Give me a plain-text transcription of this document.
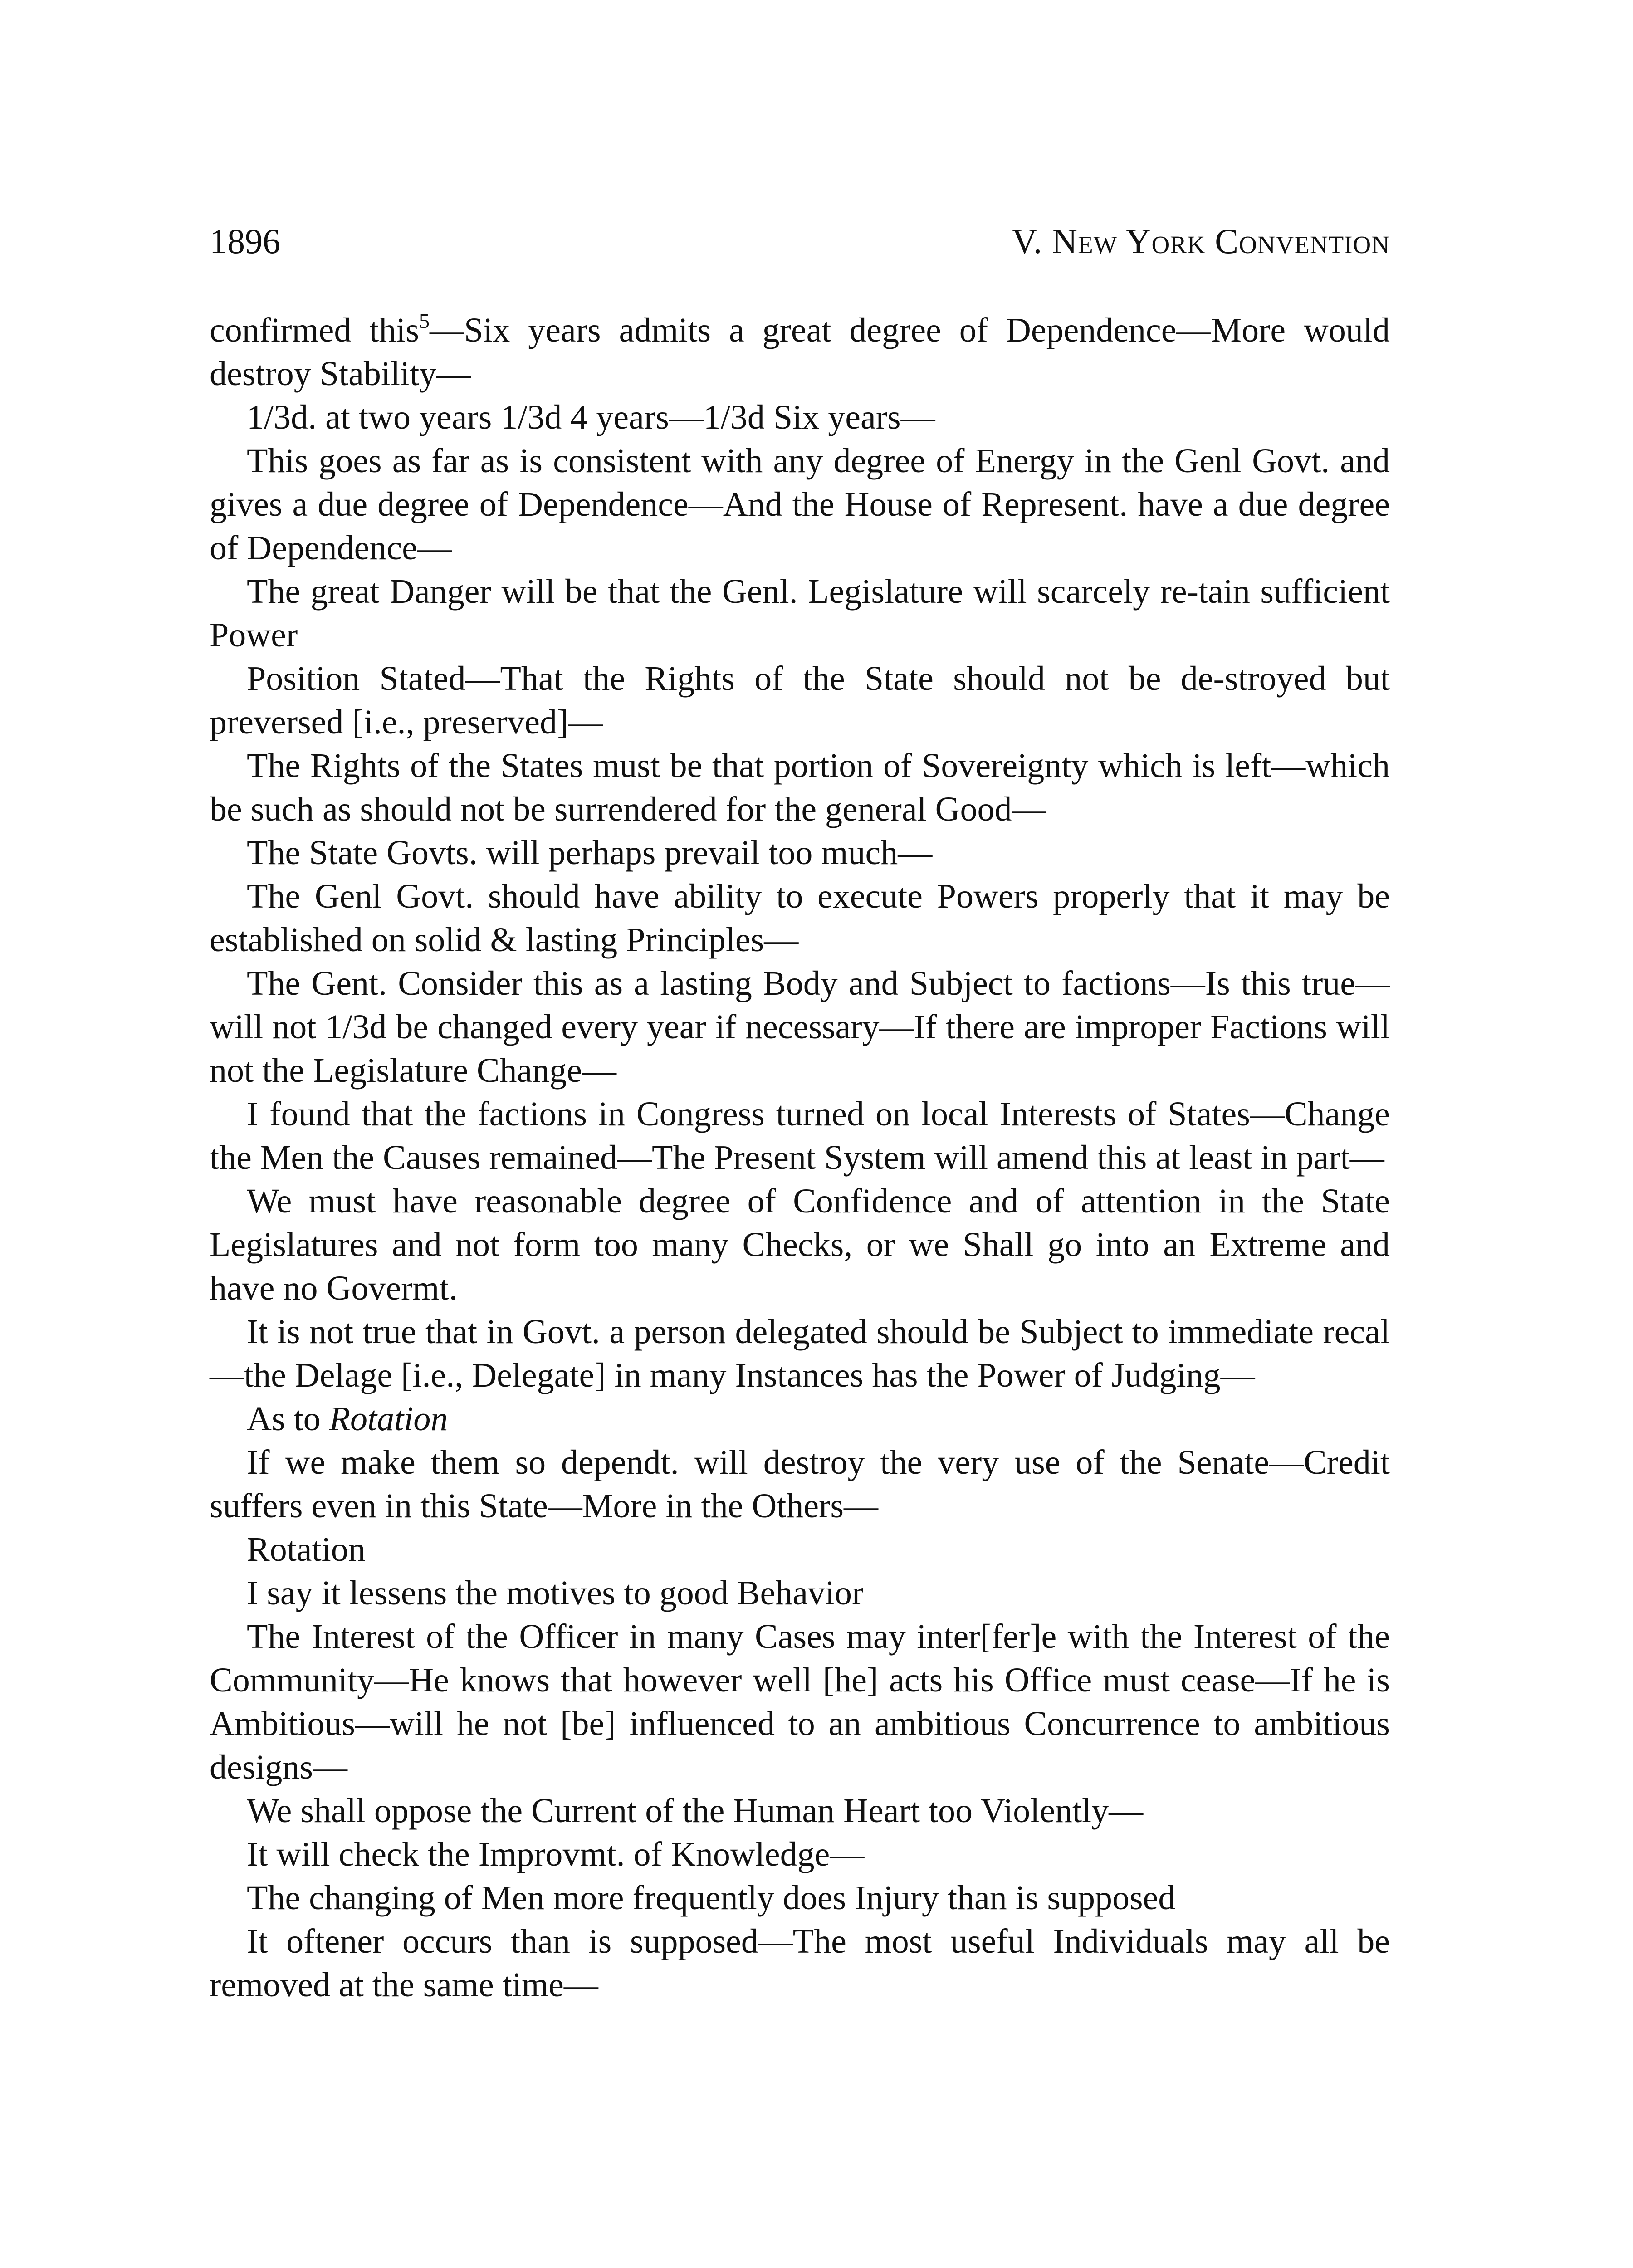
1896	V. New York Convention

confirmed this$^5$—Six years admits a great degree of Dependence—More would destroy Stability—

1/3d. at two years 1/3d 4 years—1/3d Six years—

This goes as far as is consistent with any degree of Energy in the Genl Govt. and gives a due degree of Dependence—And the House of Represent. have a due degree of Dependence—

The great Danger will be that the Genl. Legislature will scarcely re-tain sufficient Power

Position Stated—That the Rights of the State should not be de-stroyed but preversed [i.e., preserved]—

The Rights of the States must be that portion of Sovereignty which is left—which be such as should not be surrendered for the general Good—

The State Govts. will perhaps prevail too much—

The Genl Govt. should have ability to execute Powers properly that it may be established on solid & lasting Principles—

The Gent. Consider this as a lasting Body and Subject to factions—Is this true—will not 1/3d be changed every year if necessary—If there are improper Factions will not the Legislature Change—

I found that the factions in Congress turned on local Interests of States—Change the Men the Causes remained—The Present System will amend this at least in part—

We must have reasonable degree of Confidence and of attention in the State Legislatures and not form too many Checks, or we Shall go into an Extreme and have no Govermt.

It is not true that in Govt. a person delegated should be Subject to immediate recal—the Delage [i.e., Delegate] in many Instances has the Power of Judging—

As to Rotation

If we make them so dependt. will destroy the very use of the Senate—Credit suffers even in this State—More in the Others—

Rotation

I say it lessens the motives to good Behavior

The Interest of the Officer in many Cases may inter[fer]e with the Interest of the Community—He knows that however well [he] acts his Office must cease—If he is Ambitious—will he not [be] influenced to an ambitious Concurrence to ambitious designs—

We shall oppose the Current of the Human Heart too Violently—

It will check the Improvmt. of Knowledge—

The changing of Men more frequently does Injury than is supposed

It oftener occurs than is supposed—The most useful Individuals may all be removed at the same time—
